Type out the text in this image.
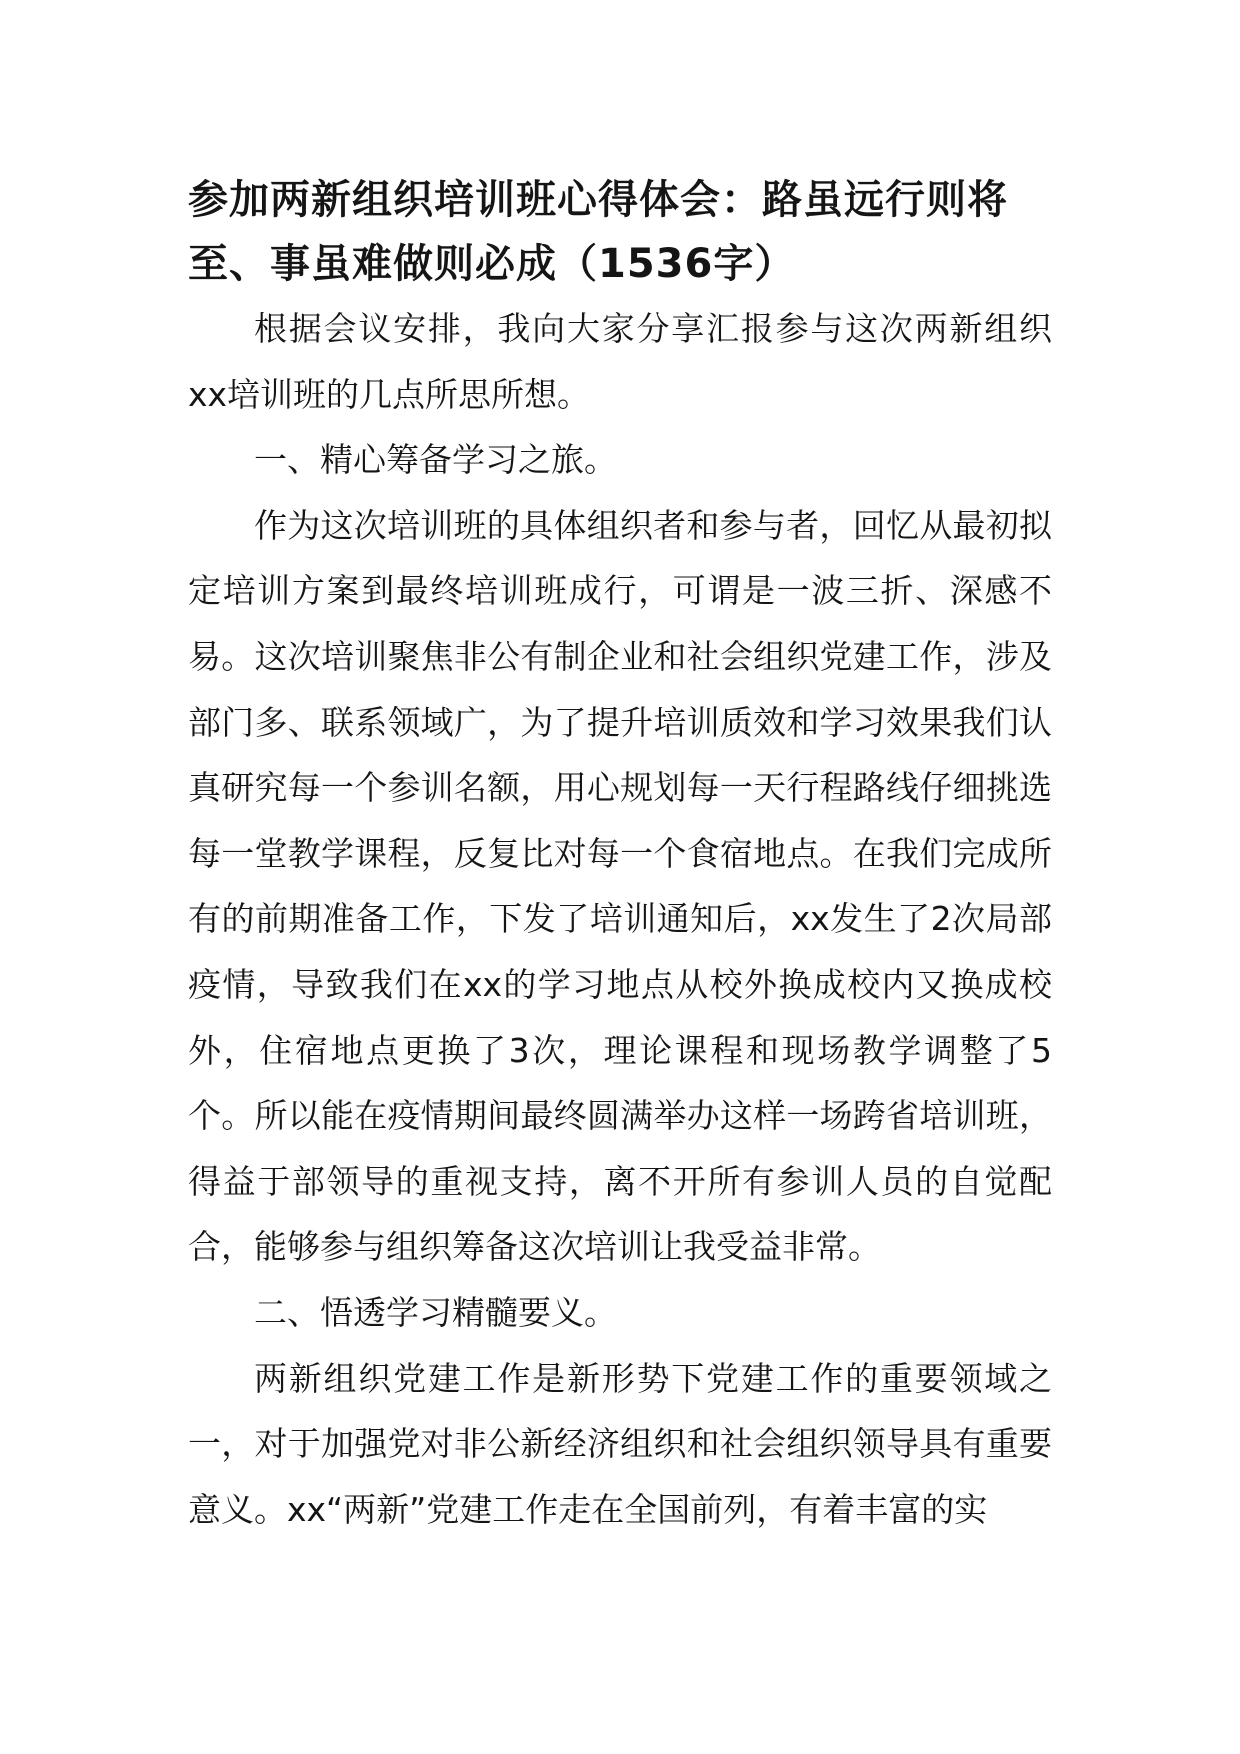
参加两新组织培训班心得体会：路虽远行则将至、事虽难做则必成（1536字）

根据会议安排，我向大家分享汇报参与这次两新组织xx培训班的几点所思所想。

一、精心筹备学习之旅。

作为这次培训班的具体组织者和参与者，回忆从最初拟定培训方案到最终培训班成行，可谓是一波三折、深感不易。这次培训聚焦非公有制企业和社会组织党建工作，涉及部门多、联系领域广，为了提升培训质效和学习效果我们认真研究每一个参训名额，用心规划每一天行程路线仔细挑选每一堂教学课程，反复比对每一个食宿地点。在我们完成所有的前期准备工作，下发了培训通知后，xx发生了2次局部疫情，导致我们在xx的学习地点从校外换成校内又换成校外，住宿地点更换了3次，理论课程和现场教学调整了5个。所以能在疫情期间最终圆满举办这样一场跨省培训班，得益于部领导的重视支持，离不开所有参训人员的自觉配合，能够参与组织筹备这次培训让我受益非常。

二、悟透学习精髓要义。

两新组织党建工作是新形势下党建工作的重要领域之一，对于加强党对非公新经济组织和社会组织领导具有重要意义。xx“两新”党建工作走在全国前列，有着丰富的实
